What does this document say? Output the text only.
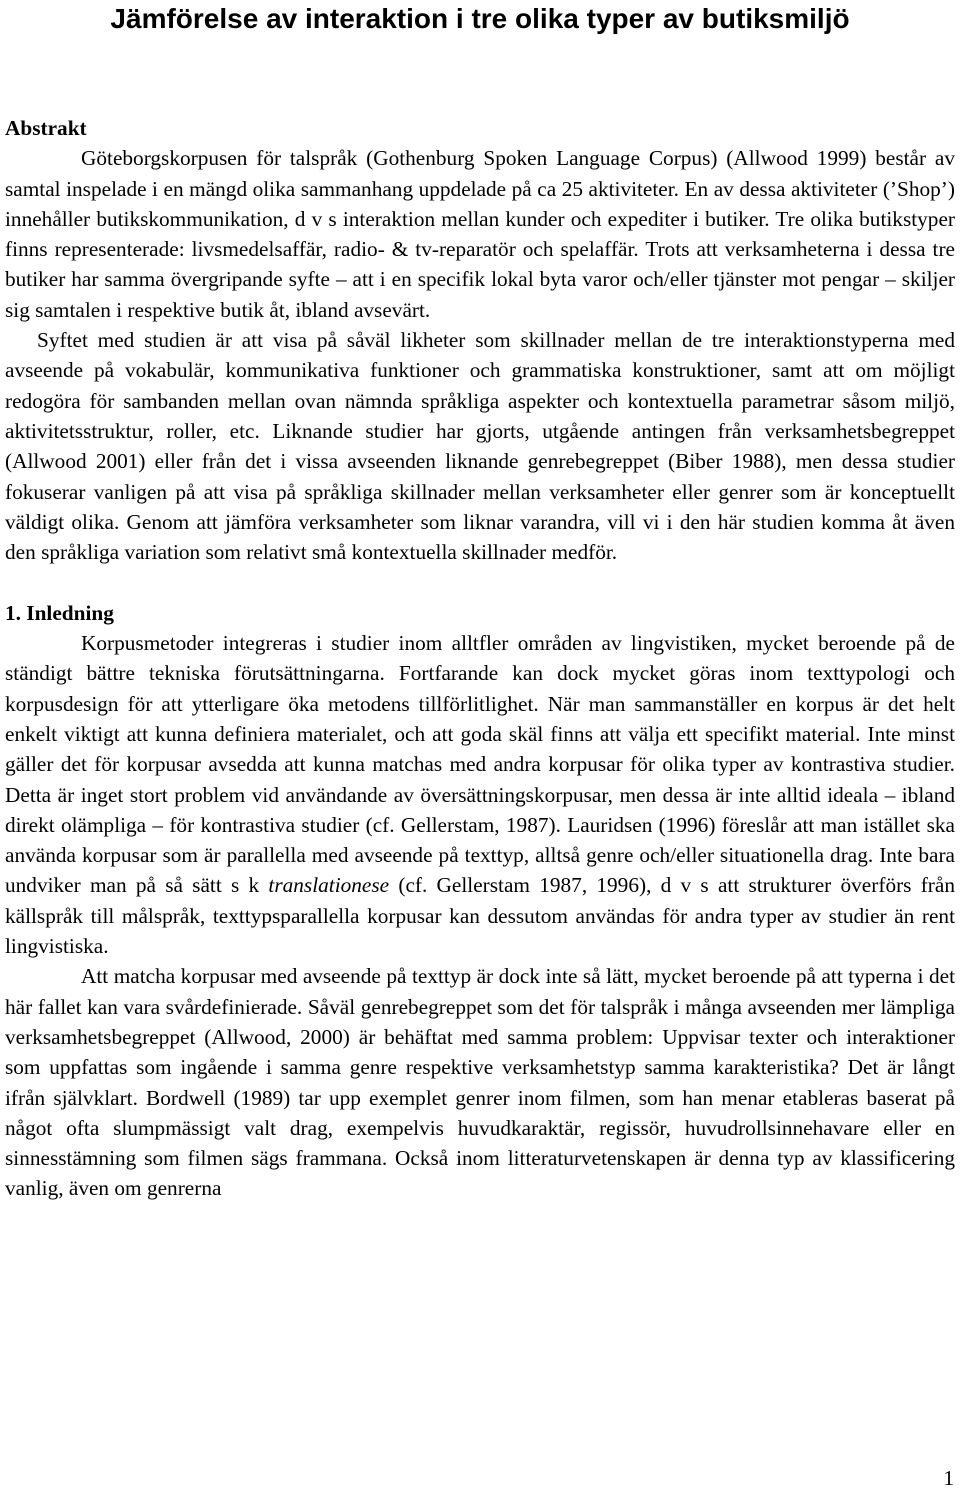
Jämförelse av interaktion i tre olika typer av butiksmiljö
Abstrakt

Göteborgskorpusen för talspråk (Gothenburg Spoken Language Corpus) (Allwood 1999) består av samtal inspelade i en mängd olika sammanhang uppdelade på ca 25 aktiviteter. En av dessa aktiviteter (’Shop’) innehåller butikskommunikation, d v s interaktion mellan kunder och expediter i butiker. Tre olika butikstyper finns representerade: livsmedelsaffär, radio- & tv-reparatör och spelaffär. Trots att verksamheterna i dessa tre butiker har samma övergripande syfte – att i en specifik lokal byta varor och/eller tjänster mot pengar – skiljer sig samtalen i respektive butik åt, ibland avsevärt.

Syftet med studien är att visa på såväl likheter som skillnader mellan de tre interaktionstyperna med avseende på vokabulär, kommunikativa funktioner och grammatiska konstruktioner, samt att om möjligt redogöra för sambanden mellan ovan nämnda språkliga aspekter och kontextuella parametrar såsom miljö, aktivitetsstruktur, roller, etc. Liknande studier har gjorts, utgående antingen från verksamhetsbegreppet (Allwood 2001) eller från det i vissa avseenden liknande genrebegreppet (Biber 1988), men dessa studier fokuserar vanligen på att visa på språkliga skillnader mellan verksamheter eller genrer som är konceptuellt väldigt olika. Genom att jämföra verksamheter som liknar varandra, vill vi i den här studien komma åt även den språkliga variation som relativt små kontextuella skillnader medför.

1. Inledning

Korpusmetoder integreras i studier inom alltfler områden av lingvistiken, mycket beroende på de ständigt bättre tekniska förutsättningarna. Fortfarande kan dock mycket göras inom texttypologi och korpusdesign för att ytterligare öka metodens tillförlitlighet. När man sammanställer en korpus är det helt enkelt viktigt att kunna definiera materialet, och att goda skäl finns att välja ett specifikt material. Inte minst gäller det för korpusar avsedda att kunna matchas med andra korpusar för olika typer av kontrastiva studier. Detta är inget stort problem vid användande av översättningskorpusar, men dessa är inte alltid ideala – ibland direkt olämpliga – för kontrastiva studier (cf. Gellerstam, 1987). Lauridsen (1996) föreslår att man istället ska använda korpusar som är parallella med avseende på texttyp, alltså genre och/eller situationella drag. Inte bara undviker man på så sätt s k translationese (cf. Gellerstam 1987, 1996), d v s att strukturer överförs från källspråk till målspråk, texttypsparallella korpusar kan dessutom användas för andra typer av studier än rent lingvistiska.

Att matcha korpusar med avseende på texttyp är dock inte så lätt, mycket beroende på att typerna i det här fallet kan vara svårdefinierade. Såväl genrebegreppet som det för talspråk i många avseenden mer lämpliga verksamhetsbegreppet (Allwood, 2000) är behäftat med samma problem: Uppvisar texter och interaktioner som uppfattas som ingående i samma genre respektive verksamhetstyp samma karakteristika? Det är långt ifrån självklart. Bordwell (1989) tar upp exemplet genrer inom filmen, som han menar etableras baserat på något ofta slumpmässigt valt drag, exempelvis huvudkaraktär, regissör, huvudrollsinnehavare eller en sinnesstämning som filmen sägs frammana. Också inom litteraturvetenskapen är denna typ av klassificering vanlig, även om genrerna

1
